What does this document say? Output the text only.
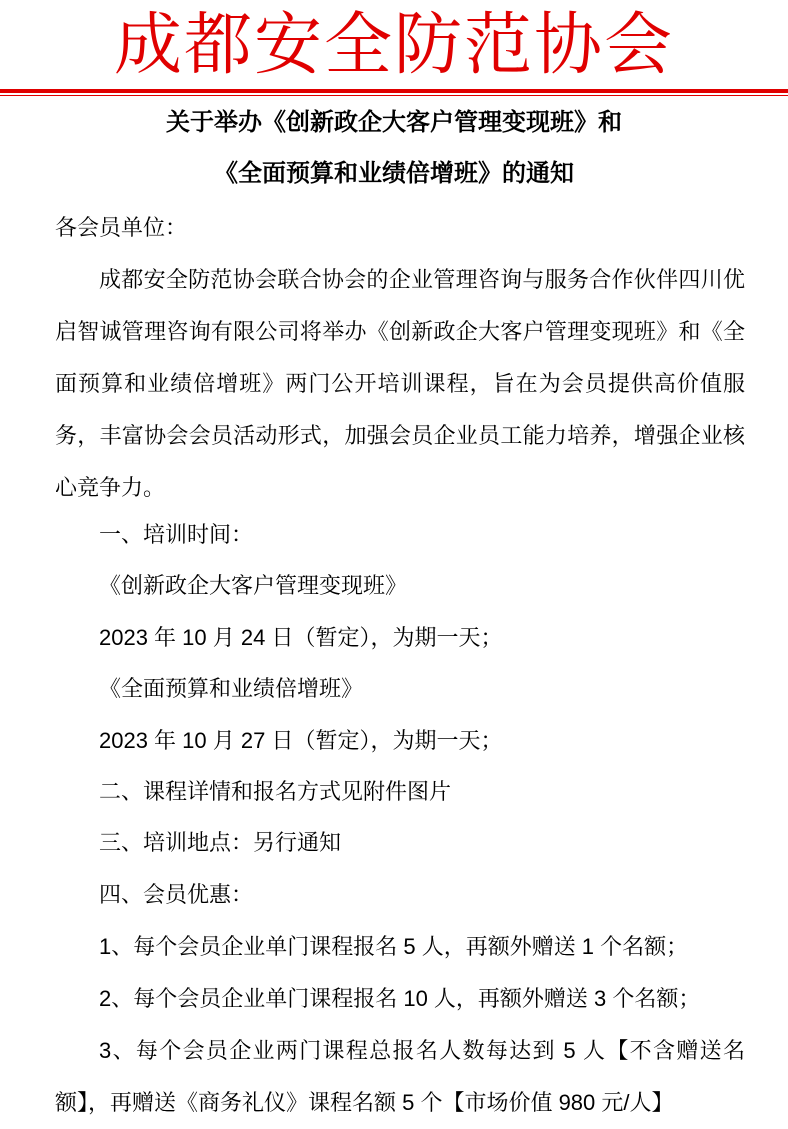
成都安全防范协会
关于举办《创新政企大客户管理变现班》和
《全面预算和业绩倍增班》的通知

各会员单位：

成都安全防范协会联合协会的企业管理咨询与服务合作伙伴四川优启智诚管理咨询有限公司将举办《创新政企大客户管理变现班》和《全面预算和业绩倍增班》两门公开培训课程，旨在为会员提供高价值服务，丰富协会会员活动形式，加强会员企业员工能力培养，增强企业核心竞争力。

一、培训时间：

《创新政企大客户管理变现班》

2023 年 10 月 24 日（暂定），为期一天；

《全面预算和业绩倍增班》

2023 年 10 月 27 日（暂定），为期一天；

二、课程详情和报名方式见附件图片

三、培训地点：另行通知

四、会员优惠：

1、每个会员企业单门课程报名 5 人，再额外赠送 1 个名额；

2、每个会员企业单门课程报名 10 人，再额外赠送 3 个名额；

3、每个会员企业两门课程总报名人数每达到 5 人【不含赠送名额】，再赠送《商务礼仪》课程名额 5 个【市场价值 980 元/人】
